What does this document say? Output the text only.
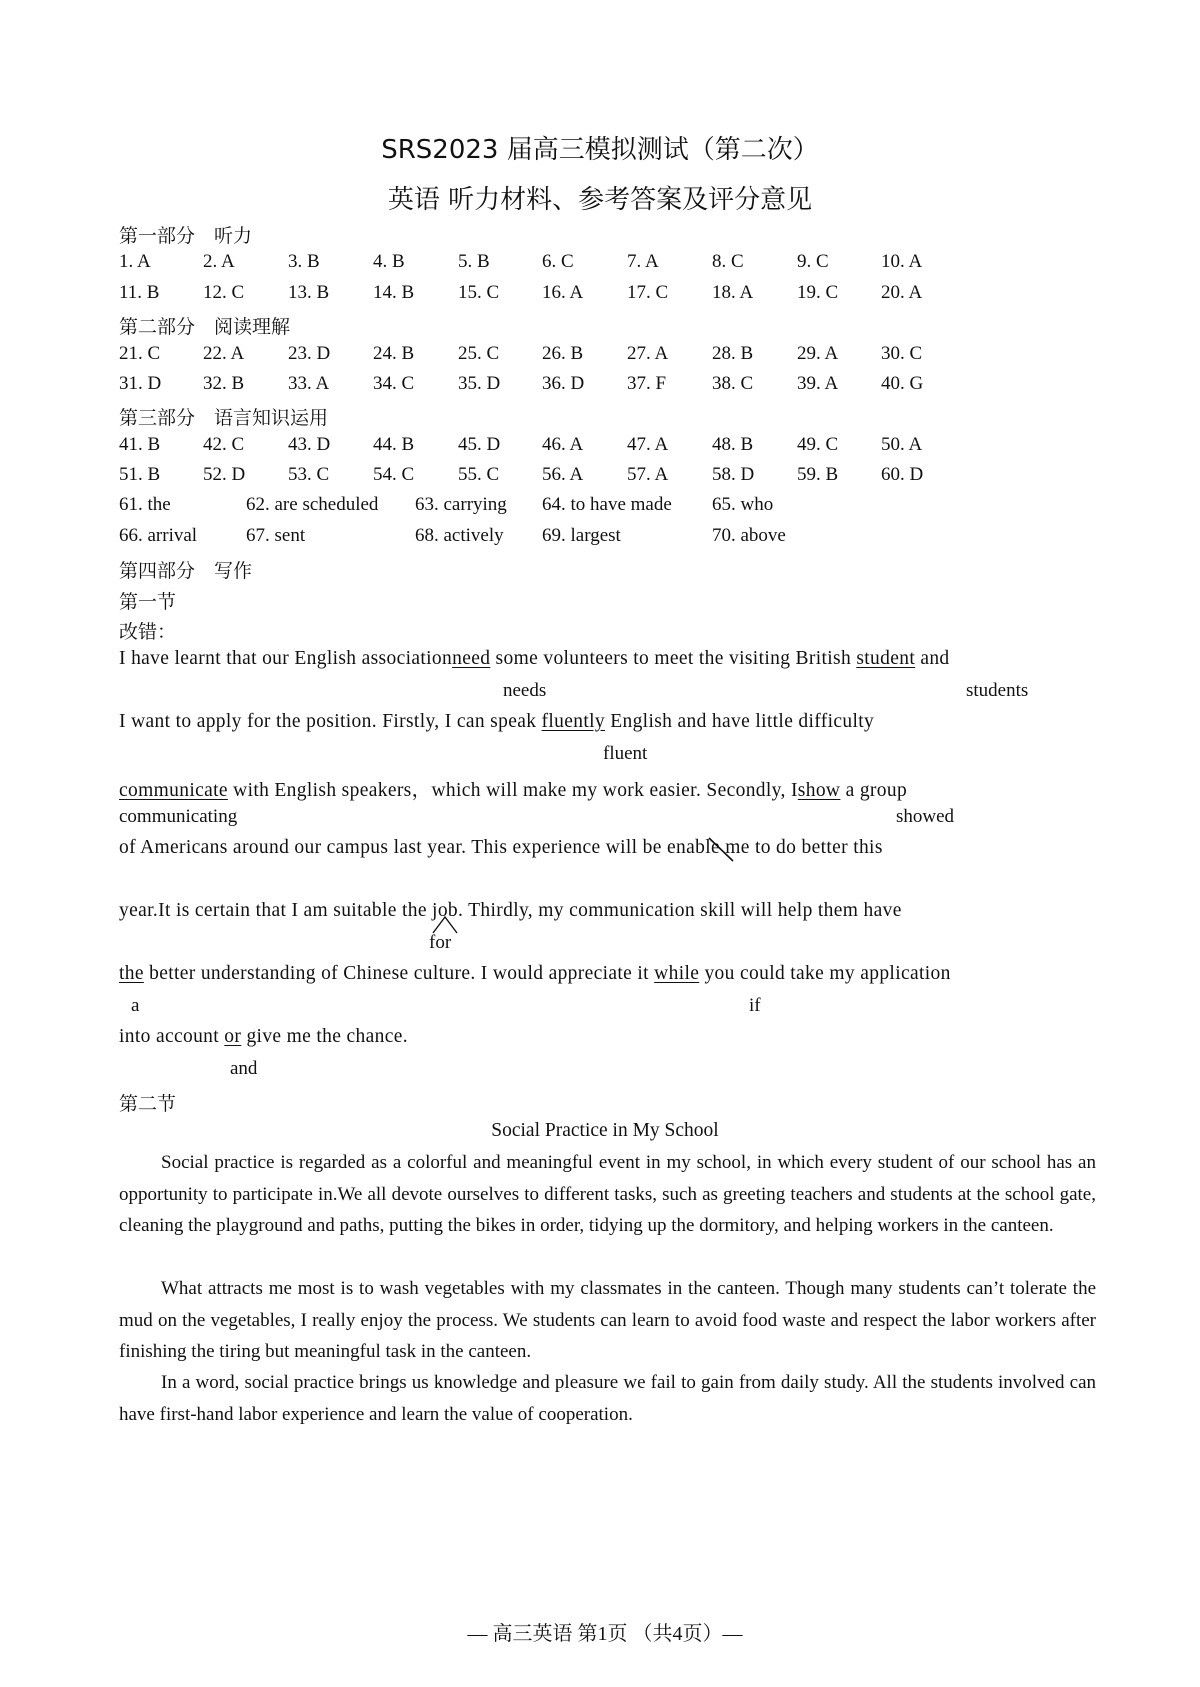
SRS2023 届高三模拟测试（第二次）
英语 听力材料、参考答案及评分意见
第一部分　听力
1. A	2. A	3. B	4. B	5. B	6. C	7. A	8. C	9. C	10. A
11. B 12. C 13. B 14. B 15. C 16. A 17. C 18. A 19. C 20. A
第二部分　阅读理解
21. C 22. A 23. D 24. B 25. C 26. B 27. A 28. B 29. A 30. C
31. D 32. B 33. A 34. C 35. D 36. D 37. F 38. C 39. A 40. G
第三部分　语言知识运用
41. B 42. C 43. D 44. B 45. D 46. A 47. A 48. B 49. C 50. A
51. B 52. D 53. C 54. C 55. C 56. A 57. A 58. D 59. B 60. D
61. the	62. are scheduled 63. carrying 64. to have made 65. who
66. arrival	67. sent	68. actively 69. largest	70. above
第四部分　写作
第一节
改错：
I have learnt that our English associationneed some volunteers to meet the visiting British student and
needs	students
I want to apply for the position. Firstly, I can speak fluently English and have little difficulty
fluent
communicate with English speakers，which will make my work easier. Secondly, Ishow a group
communicating	showed
of Americans around our campus last year. This experience will be enable me to do better this
year.It is certain that I am suitable the job. Thirdly, my communication skill will help them have
for
the better understanding of Chinese culture. I would appreciate it while you could take my application
a	if
into account or give me the chance.
and
第二节
Social Practice in My School

Social practice is regarded as a colorful and meaningful event in my school, in which every student of our school has an opportunity to participate in.We all devote ourselves to different tasks, such as greeting teachers and students at the school gate, cleaning the playground and paths, putting the bikes in order, tidying up the dormitory, and helping workers in the canteen.

What attracts me most is to wash vegetables with my classmates in the canteen. Though many students can’t tolerate the mud on the vegetables, I really enjoy the process. We students can learn to avoid food waste and respect the labor workers after finishing the tiring but meaningful task in the canteen.

In a word, social practice brings us knowledge and pleasure we fail to gain from daily study. All the students involved can have first-hand labor experience and learn the value of cooperation.

— 高三英语 第1页 （共4页）—
